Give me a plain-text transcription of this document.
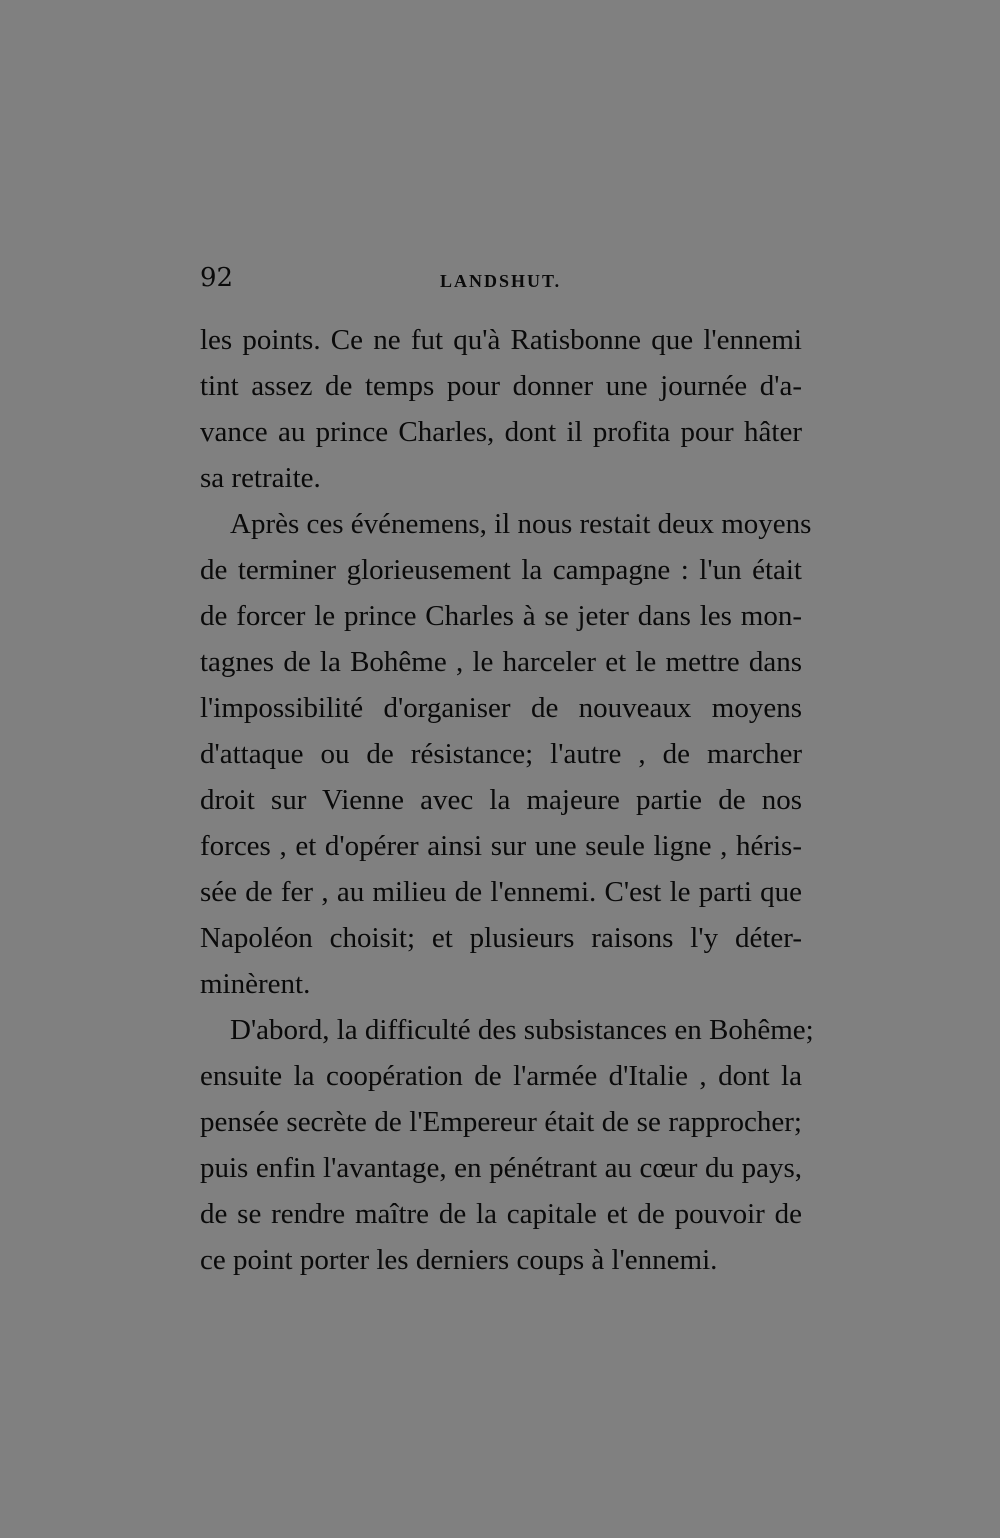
92	LANDSHUT.
les points. Ce ne fut qu'à Ratisbonne que l'ennemi
tint assez de temps pour donner une journée d'a-
vance au prince Charles, dont il profita pour hâter
sa retraite.
Après ces événemens, il nous restait deux moyens
de terminer glorieusement la campagne : l'un était
de forcer le prince Charles à se jeter dans les mon-
tagnes de la Bohême , le harceler et le mettre dans
l'impossibilité d'organiser de nouveaux moyens
d'attaque ou de résistance; l'autre , de marcher
droit sur Vienne avec la majeure partie de nos
forces , et d'opérer ainsi sur une seule ligne , héris-
sée de fer , au milieu de l'ennemi. C'est le parti que
Napoléon choisit; et plusieurs raisons l'y déter-
minèrent.
D'abord, la difficulté des subsistances en Bohême;
ensuite la coopération de l'armée d'Italie , dont la
pensée secrète de l'Empereur était de se rapprocher;
puis enfin l'avantage, en pénétrant au cœur du pays,
de se rendre maître de la capitale et de pouvoir de
ce point porter les derniers coups à l'ennemi.
